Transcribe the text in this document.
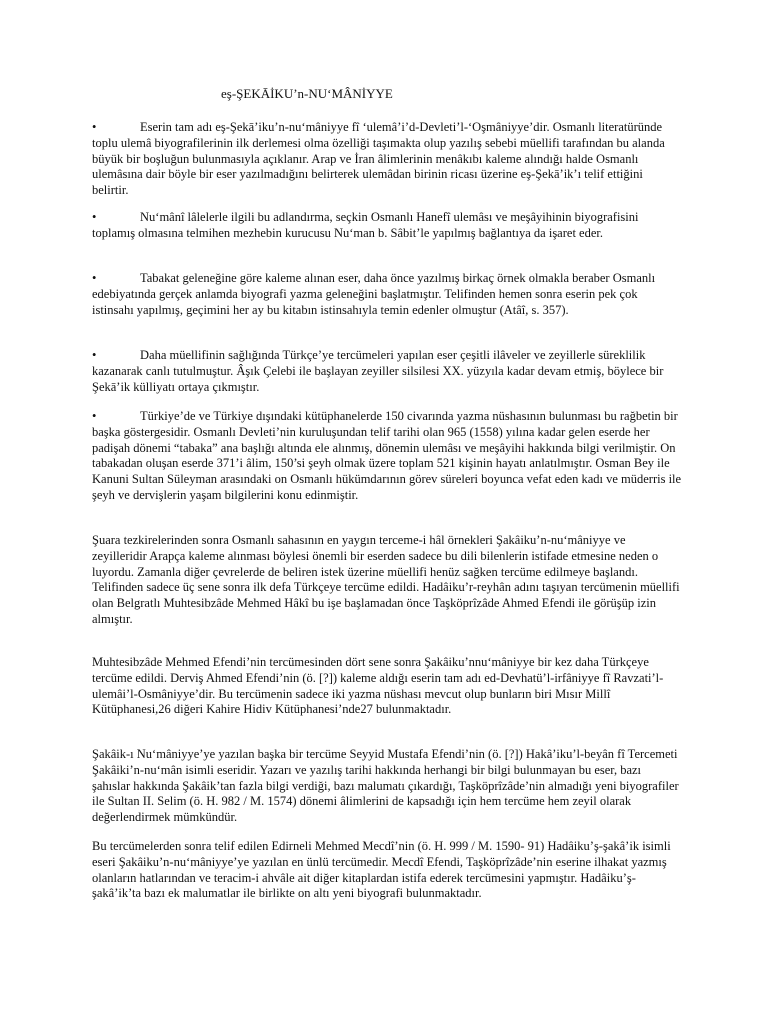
eş-ŞEKĀİKU’n-NU‘MÂNİYYE

•	Eserin tam adı eş-Şekā’iku’n-nu‘mâniyye fî ‘ulemâ’i’d-Devleti’l-‘Oşmâniyye’dir. Osmanlı literatüründe toplu ulemâ biyografilerinin ilk derlemesi olma özelliği taşımakta olup yazılış sebebi müellifi tarafından bu alanda büyük bir boşluğun bulunmasıyla açıklanır. Arap ve İran âlimlerinin menâkıbı kaleme alındığı halde Osmanlı ulemâsına dair böyle bir eser yazılmadığını belirterek ulemâdan birinin ricası üzerine eş-Şekā’ik’ı telif ettiğini belirtir.

•	Nu‘mânî lâlelerle ilgili bu adlandırma, seçkin Osmanlı Hanefî ulemâsı ve meşâyihinin biyografisini toplamış olmasına telmihen mezhebin kurucusu Nu‘man b. Sâbit’le yapılmış bağlantıya da işaret eder.

•	Tabakat geleneğine göre kaleme alınan eser, daha önce yazılmış birkaç örnek olmakla beraber Osmanlı edebiyatında gerçek anlamda biyografi yazma geleneğini başlatmıştır. Telifinden hemen sonra eserin pek çok istinsahı yapılmış, geçimini her ay bu kitabın istinsahıyla temin edenler olmuştur (Atâî, s. 357).

•	Daha müellifinin sağlığında Türkçe’ye tercümeleri yapılan eser çeşitli ilâveler ve zeyillerle süreklilik kazanarak canlı tutulmuştur. Âşık Çelebi ile başlayan zeyiller silsilesi XX. yüzyıla kadar devam etmiş, böylece bir Şekā’ik külliyatı ortaya çıkmıştır.

•	Türkiye’de ve Türkiye dışındaki kütüphanelerde 150 civarında yazma nüshasının bulunması bu rağbetin bir başka göstergesidir. Osmanlı Devleti’nin kuruluşundan telif tarihi olan 965 (1558) yılına kadar gelen eserde her padişah dönemi “tabaka” ana başlığı altında ele alınmış, dönemin ulemâsı ve meşâyihi hakkında bilgi verilmiştir. On tabakadan oluşan eserde 371’i âlim, 150’si şeyh olmak üzere toplam 521 kişinin hayatı anlatılmıştır. Osman Bey ile Kanuni Sultan Süleyman arasındaki on Osmanlı hükümdarının görev süreleri boyunca vefat eden kadı ve müderris ile şeyh ve dervişlerin yaşam bilgilerini konu edinmiştir.

Şuara tezkirelerinden sonra Osmanlı sahasının en yaygın terceme-i hâl örnekleri Şakâiku’n-nu‘mâniyye ve zeyilleridir Arapça kaleme alınması böylesi önemli bir eserden sadece bu dili bilenlerin istifade etmesine neden o luyordu. Zamanla diğer çevrelerde de beliren istek üzerine müellifi henüz sağken tercüme edilmeye başlandı. Telifinden sadece üç sene sonra ilk defa Türkçeye tercüme edildi. Hadâiku’r-reyhân adını taşıyan tercümenin müellifi olan Belgratlı Muhtesibzâde Mehmed Hâkî bu işe başlamadan önce Taşköprîzâde Ahmed Efendi ile görüşüp izin almıştır.

Muhtesibzâde Mehmed Efendi’nin tercümesinden dört sene sonra Şakâiku’nnu‘mâniyye bir kez daha Türkçeye tercüme edildi. Derviş Ahmed Efendi’nin (ö. [?]) kaleme aldığı eserin tam adı ed-Devhatü’l-irfâniyye fî Ravzati’l-ulemâi’l-Osmâniyye’dir. Bu tercümenin sadece iki yazma nüshası mevcut olup bunların biri Mısır Millî Kütüphanesi,26 diğeri Kahire Hidiv Kütüphanesi’nde27 bulunmaktadır.

Şakâik-ı Nu‘mâniyye’ye yazılan başka bir tercüme Seyyid Mustafa Efendi’nin (ö. [?]) Hakâ’iku’l-beyân fî Tercemeti Şakâiki’n-nu‘mân isimli eseridir. Yazarı ve yazılış tarihi hakkında herhangi bir bilgi bulunmayan bu eser, bazı şahıslar hakkında Şakâik’tan fazla bilgi verdiği, bazı malumatı çıkardığı, Taşköprîzâde’nin almadığı yeni biyografiler ile Sultan II. Selim (ö. H. 982 / M. 1574) dönemi âlimlerini de kapsadığı için hem tercüme hem zeyil olarak değerlendirmek mümkündür.

Bu tercümelerden sonra telif edilen Edirneli Mehmed Mecdî’nin (ö. H. 999 / M. 1590- 91) Hadâiku’ş-şakâ’ik isimli eseri Şakâiku’n-nu‘mâniyye’ye yazılan en ünlü tercümedir. Mecdî Efendi, Taşköprîzâde’nin eserine ilhakat yazmış olanların hatlarından ve teracim-i ahvâle ait diğer kitaplardan istifa ederek tercümesini yapmıştır. Hadâiku’ş-şakâ’ik’ta bazı ek malumatlar ile birlikte on altı yeni biyografi bulunmaktadır.
